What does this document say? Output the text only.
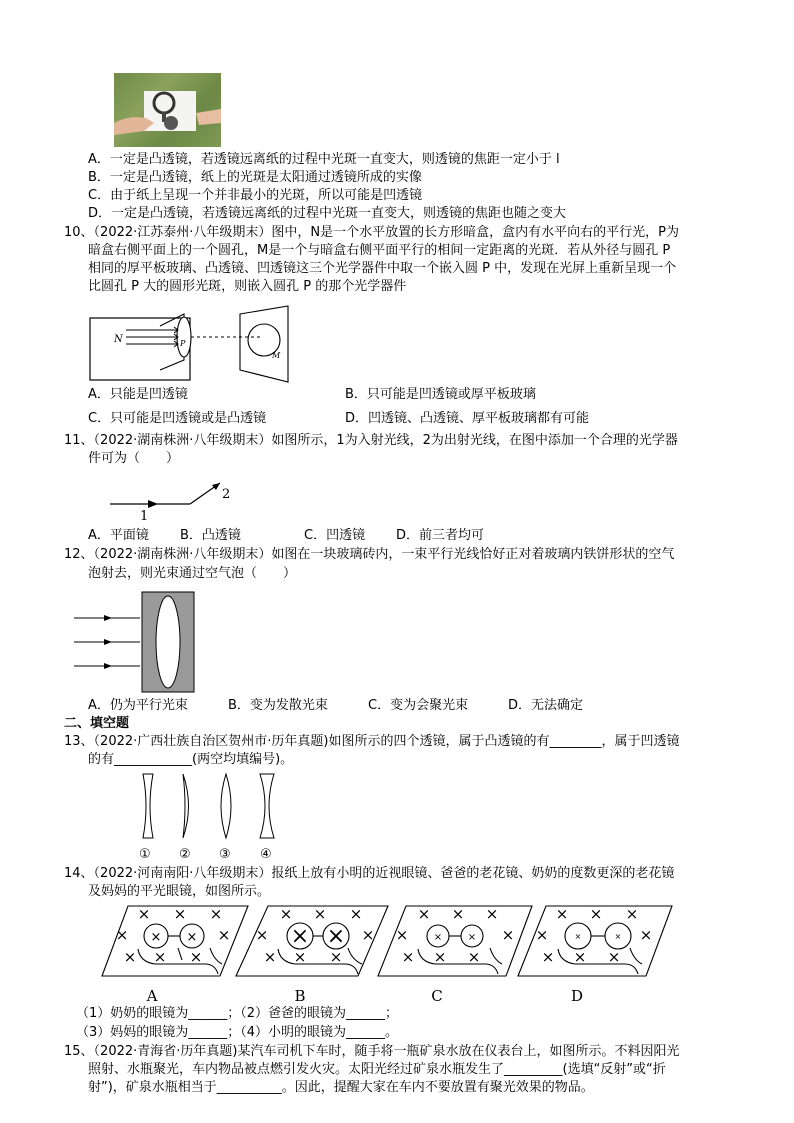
A．一定是凸透镜，若透镜远离纸的过程中光斑一直变大，则透镜的焦距一定小于 l
B．一定是凸透镜，纸上的光斑是太阳通过透镜所成的实像
C．由于纸上呈现一个并非最小的光斑，所以可能是凹透镜
D．一定是凸透镜，若透镜远离纸的过程中光斑一直变大，则透镜的焦距也随之变大
10、（2022·江苏泰州·八年级期末）图中，N是一个水平放置的长方形暗盒，盒内有水平向右的平行光，P为
暗盒右侧平面上的一个圆孔，M是一个与暗盒右侧平面平行的相间一定距离的光斑．若从外径与圆孔 P
相同的厚平板玻璃、凸透镜、凹透镜这三个光学器件中取一个嵌入圆 P 中，发现在光屏上重新呈现一个
比圆孔 P 大的圆形光斑，则嵌入圆孔 P 的那个光学器件
N	P
M
A．只能是凹透镜	B．只可能是凹透镜或厚平板玻璃
C．只可能是凹透镜或是凸透镜	D．凹透镜、凸透镜、厚平板玻璃都有可能
11、（2022·湖南株洲·八年级期末）如图所示，1为入射光线，2为出射光线，在图中添加一个合理的光学器
件可为（　　）
1
2
A．平面镜 B．凸透镜	C．凹透镜 D．前三者均可
12、（2022·湖南株洲·八年级期末）如图在一块玻璃砖内，一束平行光线恰好正对着玻璃内铁饼形状的空气
泡射去，则光束通过空气泡（　　）
A．仍为平行光束	B．变为发散光束	C．变为会聚光束	D．无法确定
二、填空题
13、（2022·广西壮族自治区贺州市·历年真题)如图所示的四个透镜，属于凸透镜的有________，属于凹透镜
的有____________(两空均填编号)。
① ② ③ ④
14、（2022·河南南阳·八年级期末）报纸上放有小明的近视眼镜、爸爸的老花镜、奶奶的度数更深的老花镜
及妈妈的平光眼镜，如图所示。
× × ×
×	×
× × ×
× ×
× × ×
×	×
× × ×
× ×
× × ×
×	×
× × ×
×	×
× × ×
×	×
× × ×
×	×
A	B	C	D
（1）奶奶的眼镜为______；（2）爸爸的眼镜为______；
（3）妈妈的眼镜为______；（4）小明的眼镜为______。
15、（2022·青海省·历年真题)某汽车司机下车时，随手将一瓶矿泉水放在仪表台上，如图所示。不料因阳光
照射、水瓶聚光，车内物品被点燃引发火灾。太阳光经过矿泉水瓶发生了_________(选填“反射”或“折
射”)，矿泉水瓶相当于__________。因此，提醒大家在车内不要放置有聚光效果的物品。
